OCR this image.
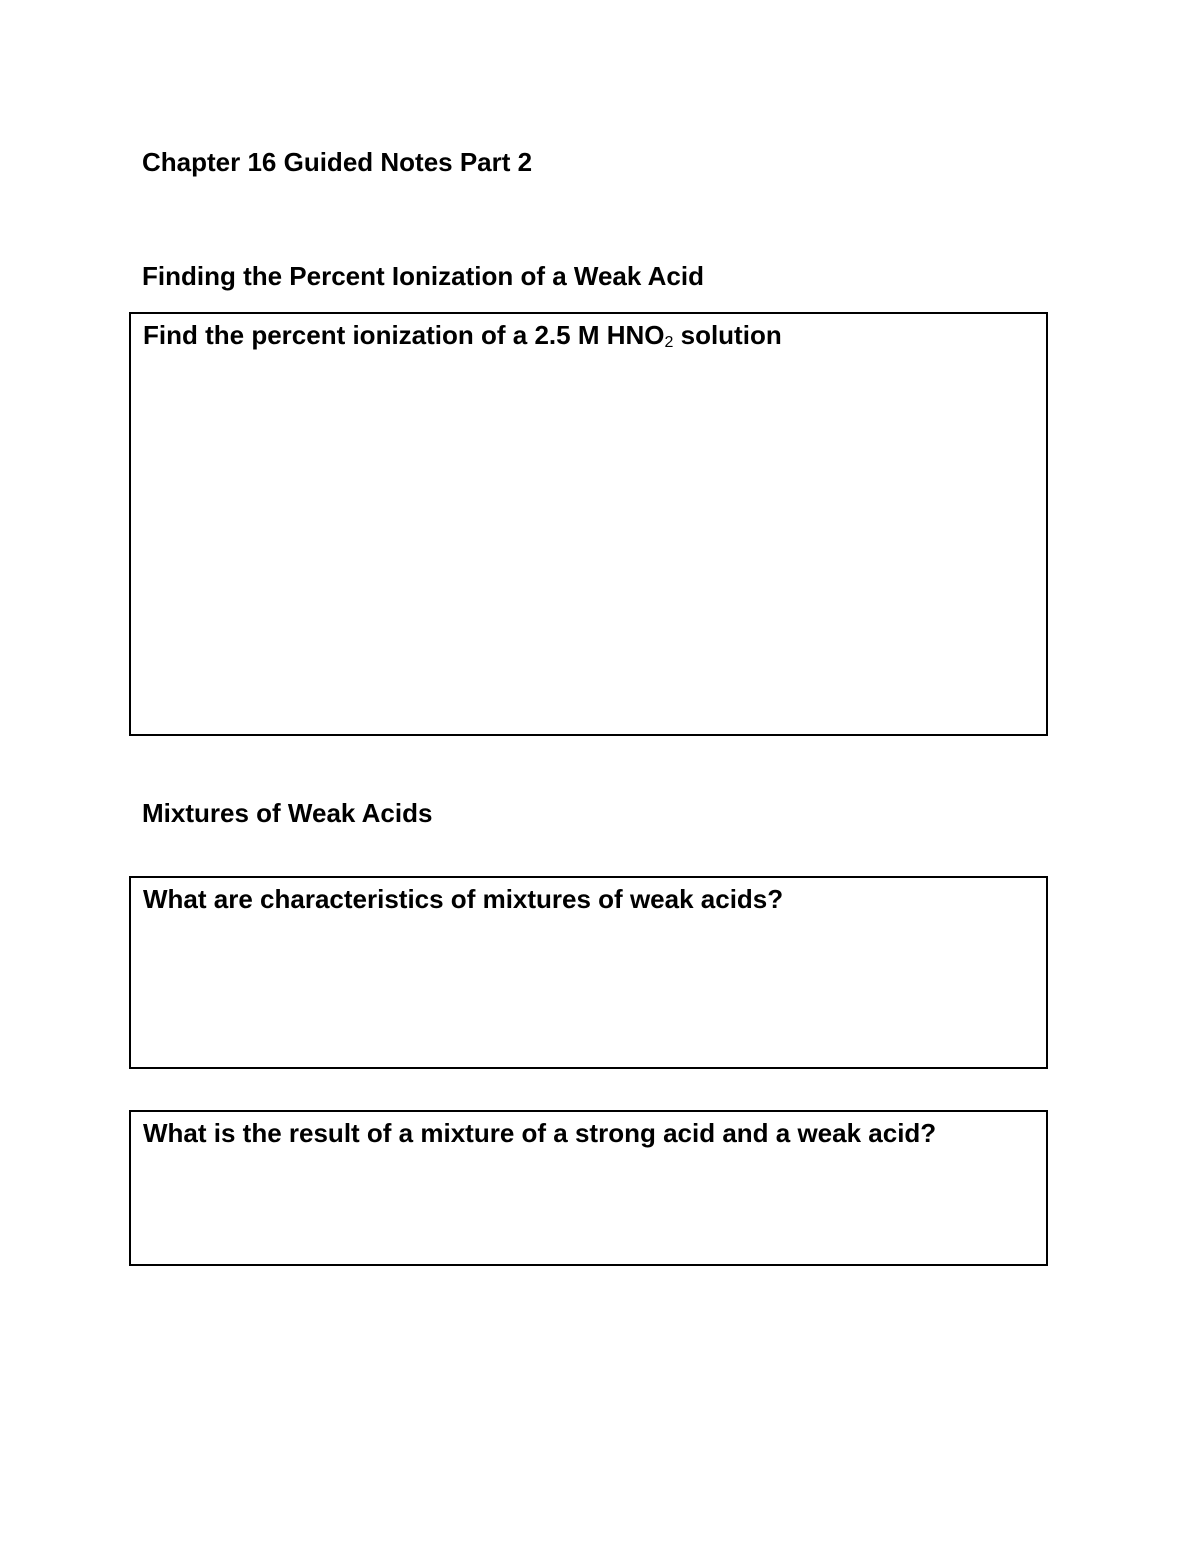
Chapter 16 Guided Notes Part 2
Finding the Percent Ionization of a Weak Acid
Find the percent ionization of a 2.5 M $HNO_2$ solution
Mixtures of Weak Acids
What are characteristics of mixtures of weak acids?
What is the result of a mixture of a strong acid and a weak acid?
